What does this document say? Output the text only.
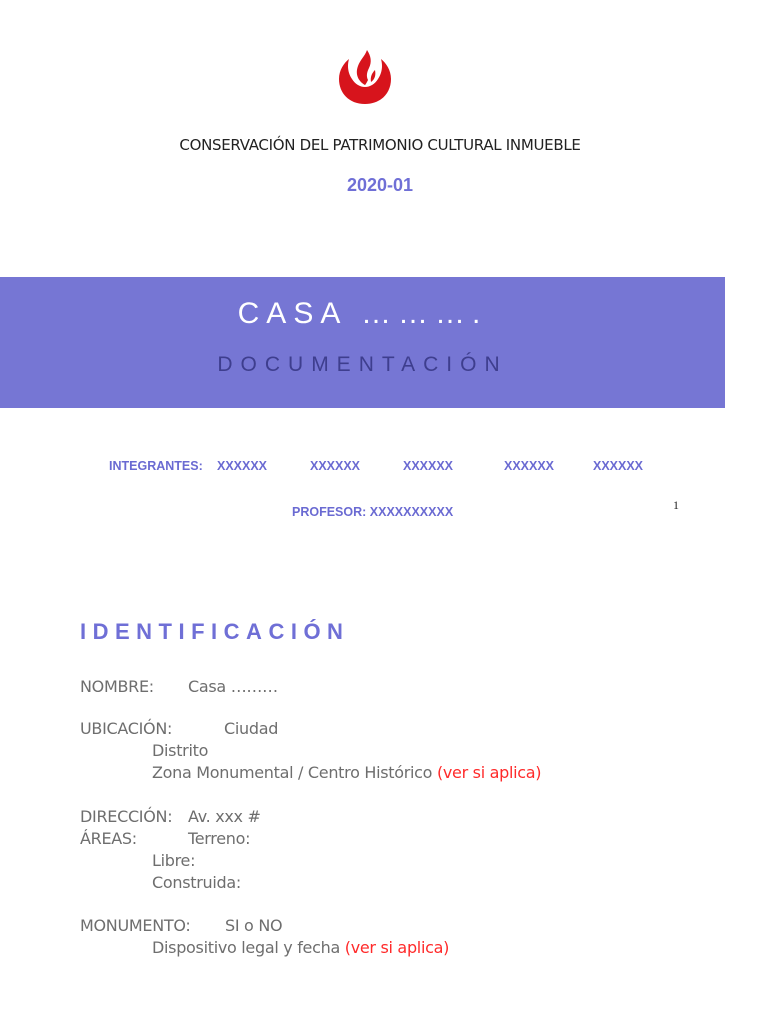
CONSERVACIÓN DEL PATRIMONIO CULTURAL INMUEBLE
2020-01
CASA ……….
DOCUMENTACIÓN
INTEGRANTES: XXXXXX	XXXXXX	XXXXXX	XXXXXX	XXXXXX
PROFESOR: XXXXXXXXXX	1
IDENTIFICACIÓN
NOMBRE: Casa ………
UBICACIÓN:	Ciudad
Distrito
Zona Monumental / Centro Histórico (ver si aplica)
DIRECCIÓN: Av. xxx #
ÁREAS:	Terreno:
Libre:
Construida:
MONUMENTO: SI o NO
Dispositivo legal y fecha (ver si aplica)
